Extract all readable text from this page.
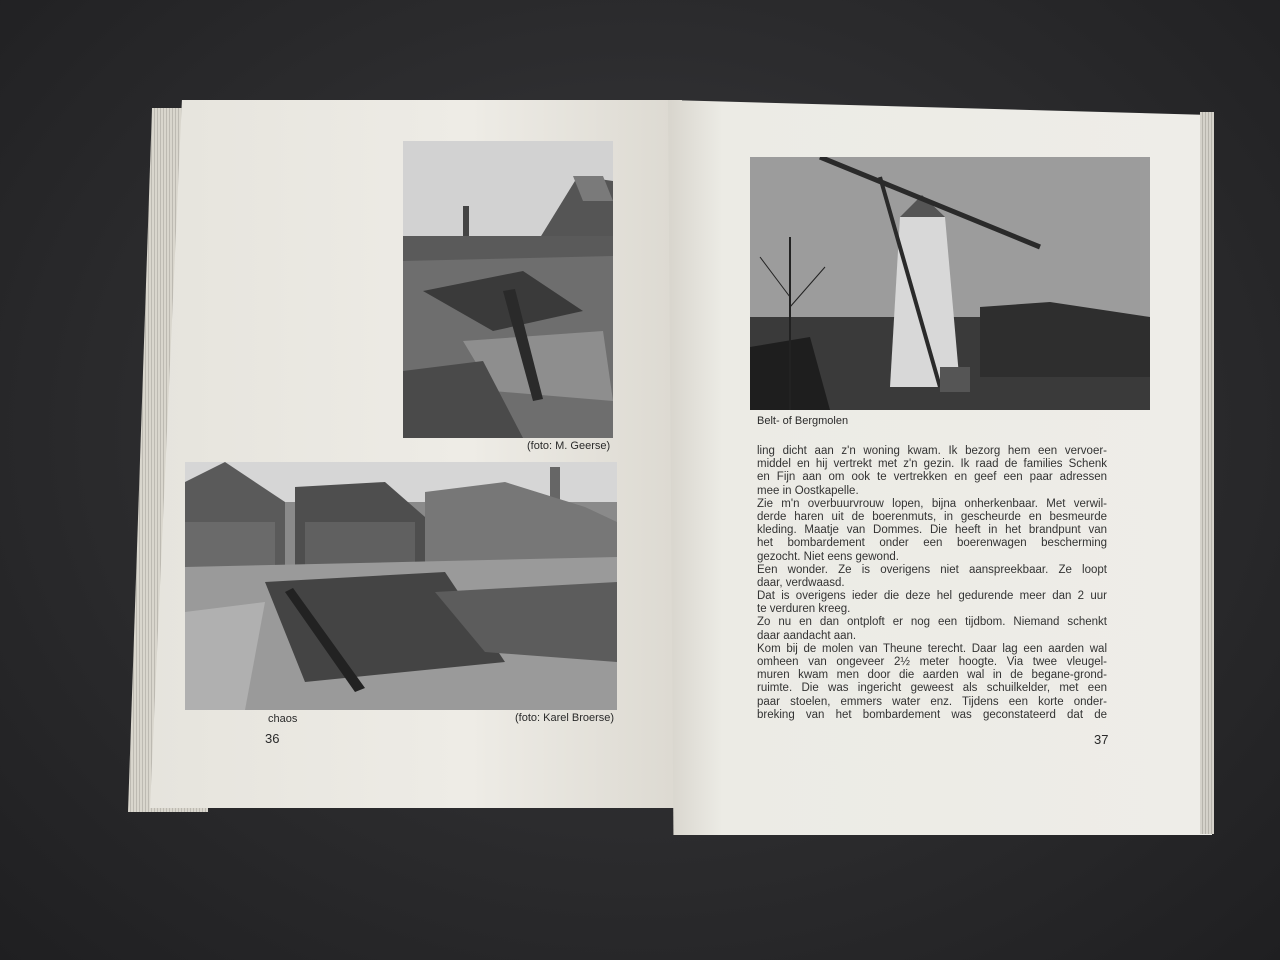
(foto: M. Geerse)
chaos	(foto: Karel Broerse)
36
Belt- of Bergmolen
ling dicht aan z'n woning kwam. Ik bezorg hem een vervoer-
middel en hij vertrekt met z'n gezin. Ik raad de families Schenk
en Fijn aan om ook te vertrekken en geef een paar adressen
mee in Oostkapelle.
Zie m'n overbuurvrouw lopen, bijna onherkenbaar. Met verwil-
derde haren uit de boerenmuts, in gescheurde en besmeurde
kleding. Maatje van Dommes. Die heeft in het brandpunt van
het bombardement onder een boerenwagen bescherming
gezocht. Niet eens gewond.
Een wonder. Ze is overigens niet aanspreekbaar. Ze loopt
daar, verdwaasd.
Dat is overigens ieder die deze hel gedurende meer dan 2 uur
te verduren kreeg.
Zo nu en dan ontploft er nog een tijdbom. Niemand schenkt
daar aandacht aan.
Kom bij de molen van Theune terecht. Daar lag een aarden wal
omheen van ongeveer 2½ meter hoogte. Via twee vleugel-
muren kwam men door die aarden wal in de begane-grond-
ruimte. Die was ingericht geweest als schuilkelder, met een
paar stoelen, emmers water enz. Tijdens een korte onder-
breking van het bombardement was geconstateerd dat de
37
